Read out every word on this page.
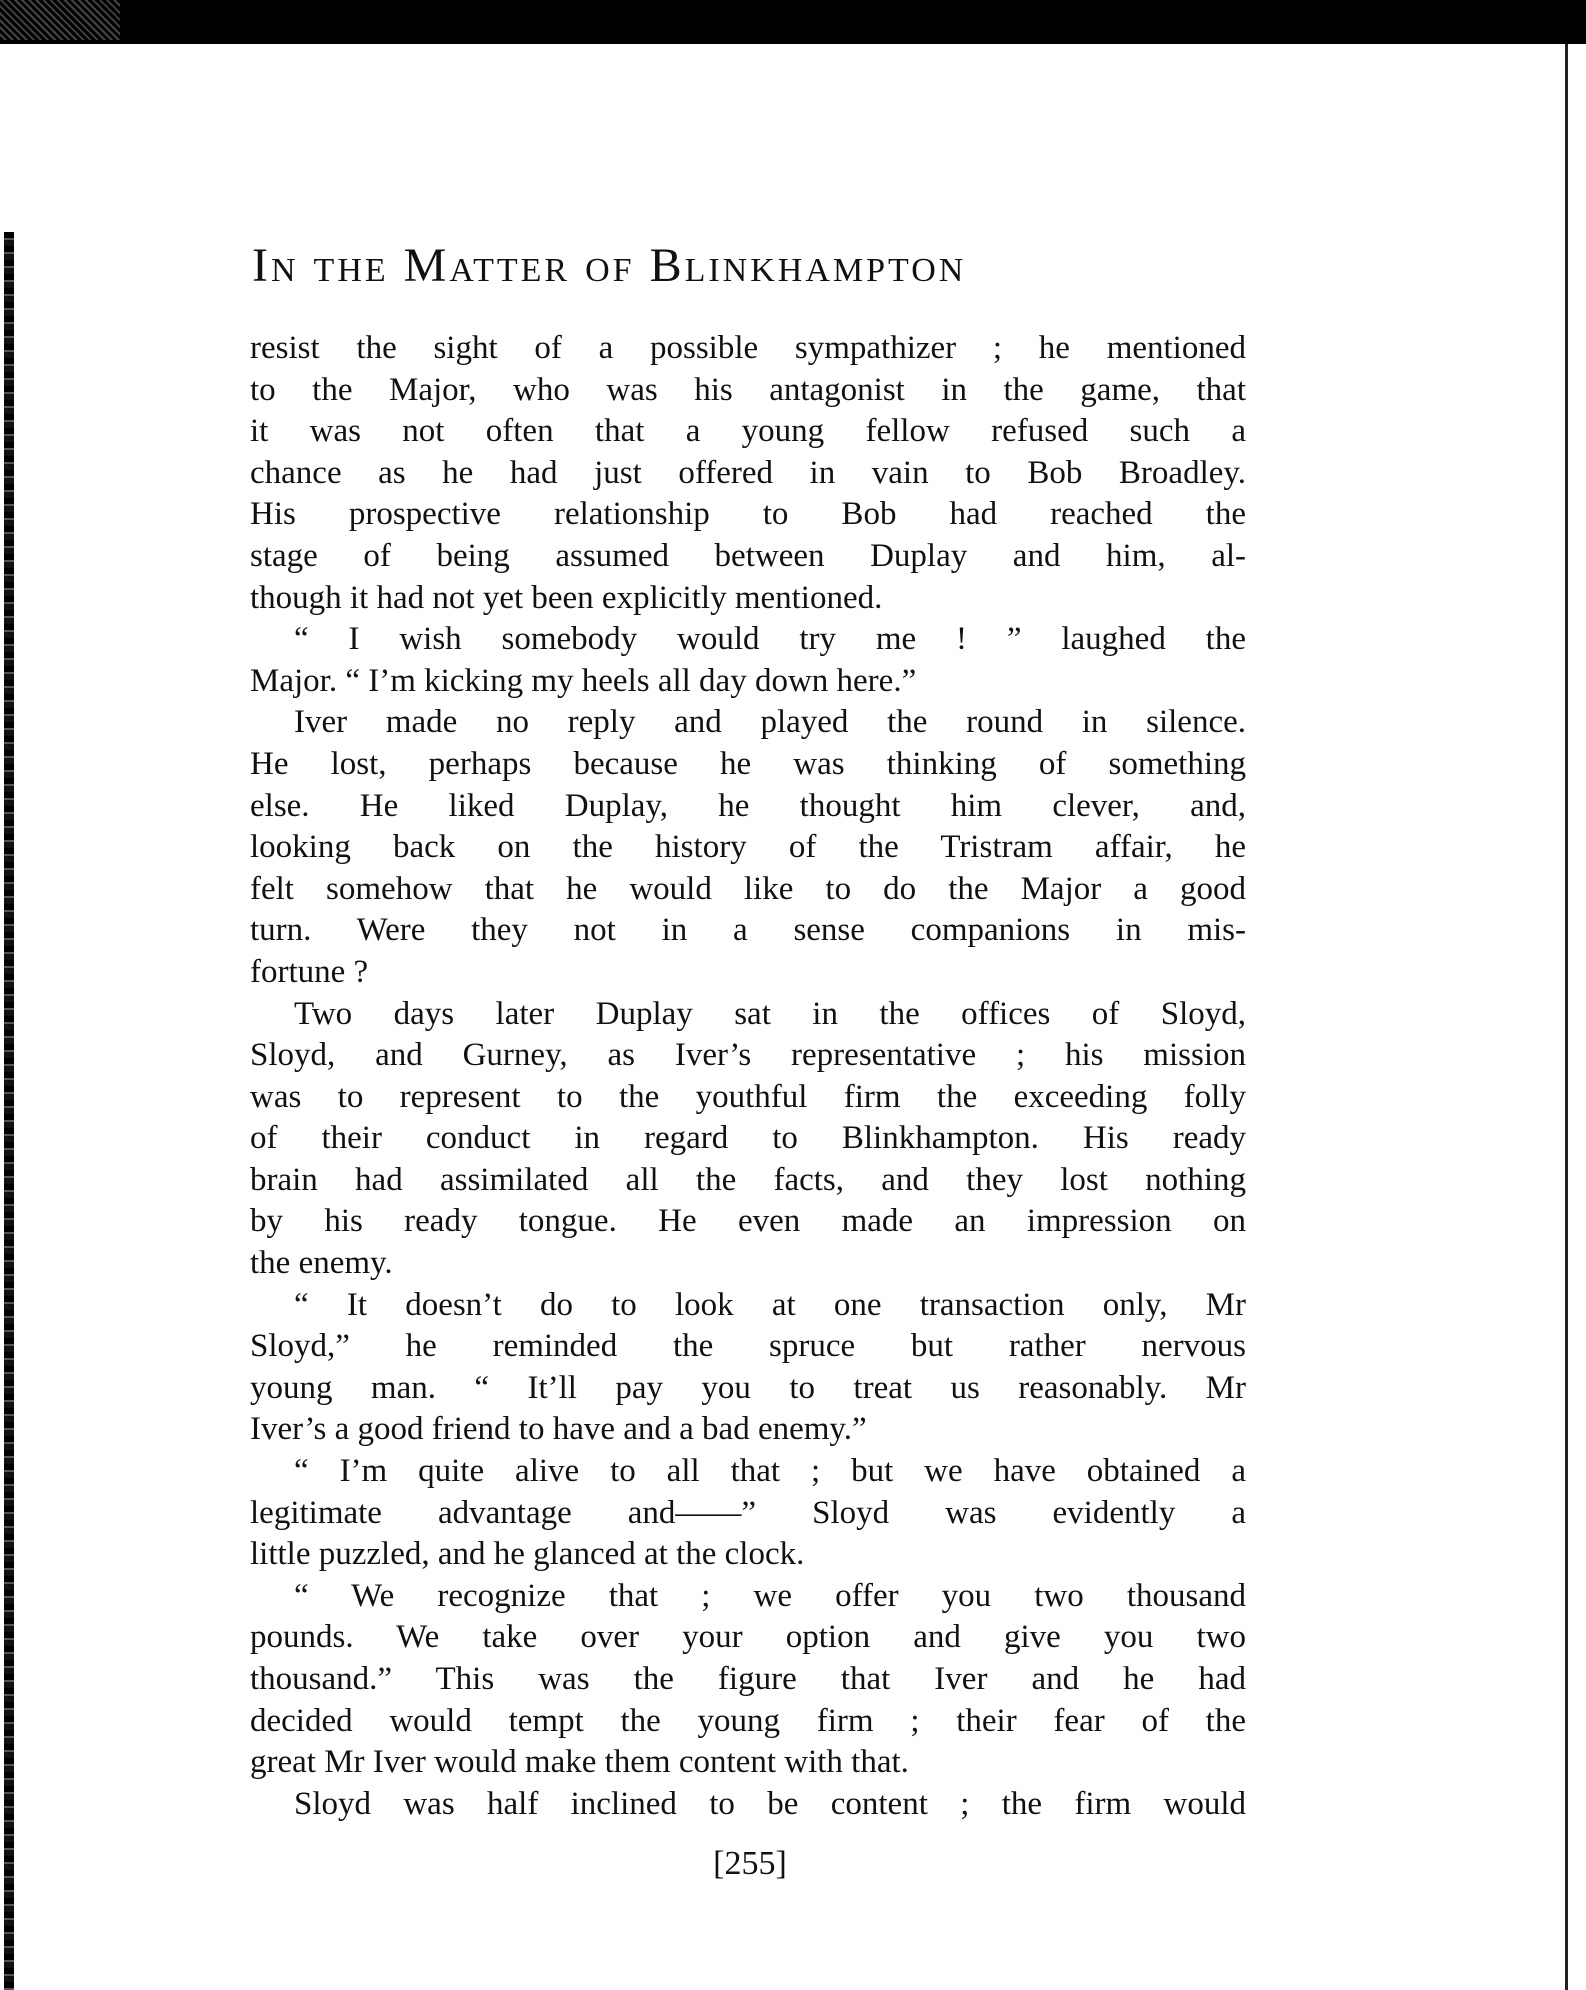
IN THE MATTER OF BLINKHAMPTON
resist the sight of a possible sympathizer ; he mentioned
to the Major, who was his antagonist in the game, that
it was not often that a young fellow refused such a
chance as he had just offered in vain to Bob Broadley.
His prospective relationship to Bob had reached the
stage of being assumed between Duplay and him, al-
though it had not yet been explicitly mentioned.
“ I wish somebody would try me ! ” laughed the
Major. “ I’m kicking my heels all day down here.”
Iver made no reply and played the round in silence.
He lost, perhaps because he was thinking of something
else. He liked Duplay, he thought him clever, and,
looking back on the history of the Tristram affair, he
felt somehow that he would like to do the Major a good
turn. Were they not in a sense companions in mis-
fortune ?
Two days later Duplay sat in the offices of Sloyd,
Sloyd, and Gurney, as Iver’s representative ; his mission
was to represent to the youthful firm the exceeding folly
of their conduct in regard to Blinkhampton. His ready
brain had assimilated all the facts, and they lost nothing
by his ready tongue. He even made an impression on
the enemy.
“ It doesn’t do to look at one transaction only, Mr
Sloyd,” he reminded the spruce but rather nervous
young man. “ It’ll pay you to treat us reasonably. Mr
Iver’s a good friend to have and a bad enemy.”
“ I’m quite alive to all that ; but we have obtained a
legitimate advantage and——” Sloyd was evidently a
little puzzled, and he glanced at the clock.
“ We recognize that ; we offer you two thousand
pounds. We take over your option and give you two
thousand.” This was the figure that Iver and he had
decided would tempt the young firm ; their fear of the
great Mr Iver would make them content with that.
Sloyd was half inclined to be content ; the firm would
[255]
